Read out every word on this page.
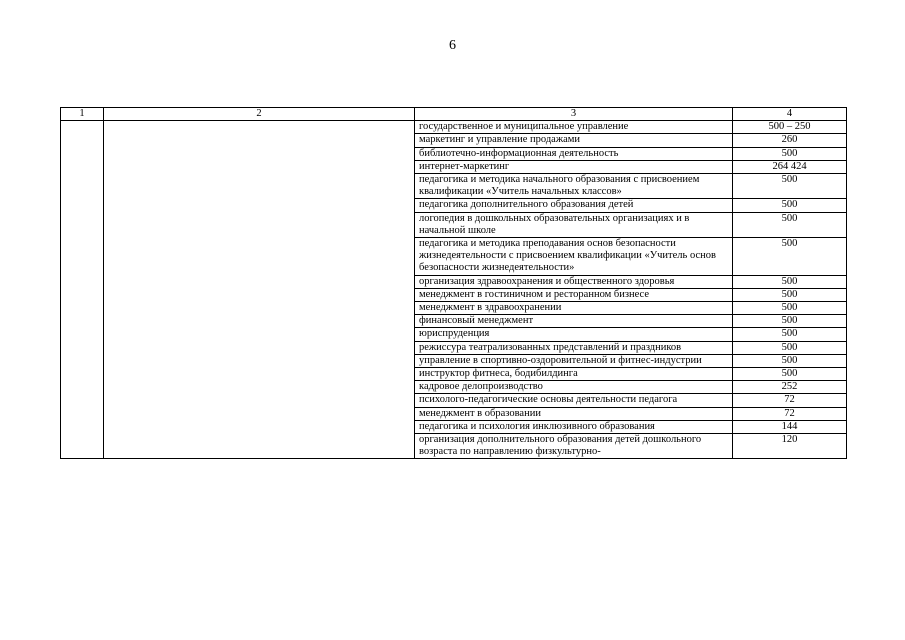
6
1	2	3	4
		государственное и муниципальное управление	500 – 250
		маркетинг и управление продажами	260
		библиотечно-информационная деятельность	500
		интернет-маркетинг	264 424
		педагогика и методика начального образования с присвоением квалификации «Учитель начальных классов»	500
		педагогика дополнительного образования детей	500
		логопедия в дошкольных образовательных организациях и в начальной школе	500
		педагогика и методика преподавания основ безопасности жизнедеятельности с присвоением квалификации «Учитель основ безопасности жизнедеятельности»	500
		организация здравоохранения и общественного здоровья	500
		менеджмент в гостиничном и ресторанном бизнесе	500
		менеджмент в здравоохранении	500
		финансовый менеджмент	500
		юриспруденция	500
		режиссура театрализованных представлений и праздников	500
		управление в спортивно-оздоровительной и фитнес-индустрии	500
		инструктор фитнеса, бодибилдинга	500
		кадровое делопроизводство	252
		психолого-педагогические основы деятельности педагога	72
		менеджмент в образовании	72
		педагогика и психология инклюзивного образования	144
		организация дополнительного образования детей дошкольного возраста по направлению физкультурно-	120
